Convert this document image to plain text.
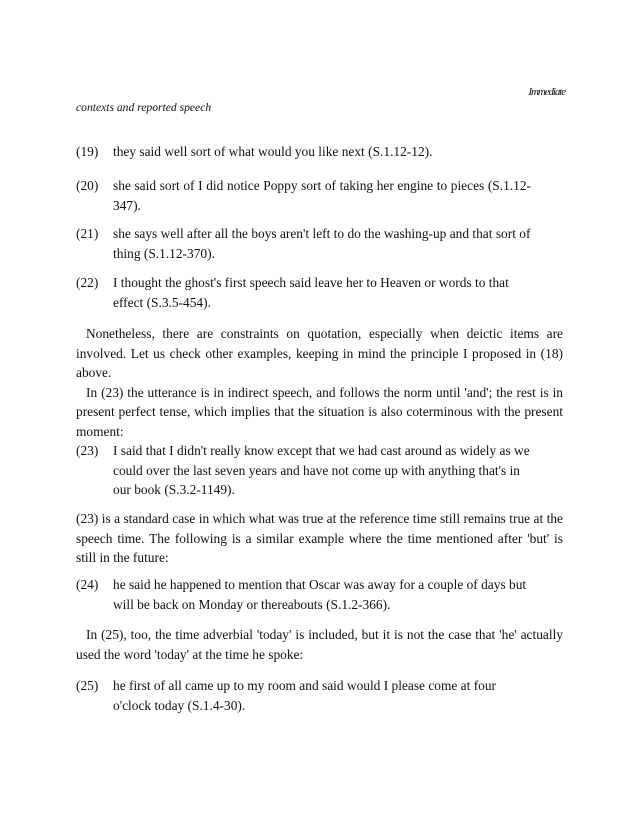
Immediate
contexts and reported speech
(19) they said well sort of what would you like next (S.1.12-12).
(20) she said sort of I did notice Poppy sort of taking her engine to pieces (S.1.12-347).
(21) she says well after all the boys aren't left to do the washing-up and that sort of thing (S.1.12-370).
(22) I thought the ghost's first speech said leave her to Heaven or words to that effect (S.3.5-454).

Nonetheless, there are constraints on quotation, especially when deictic items are involved. Let us check other examples, keeping in mind the principle I proposed in (18) above.

In (23) the utterance is in indirect speech, and follows the norm until 'and'; the rest is in present perfect tense, which implies that the situation is also coterminous with the present moment:

(23) I said that I didn't really know except that we had cast around as widely as we could over the last seven years and have not come up with anything that's in our book (S.3.2-1149).

(23) is a standard case in which what was true at the reference time still remains true at the speech time. The following is a similar example where the time mentioned after 'but' is still in the future:

(24) he said he happened to mention that Oscar was away for a couple of days but will be back on Monday or thereabouts (S.1.2-366).

In (25), too, the time adverbial 'today' is included, but it is not the case that 'he' actually used the word 'today' at the time he spoke:

(25) he first of all came up to my room and said would I please come at four o'clock today (S.1.4-30).
